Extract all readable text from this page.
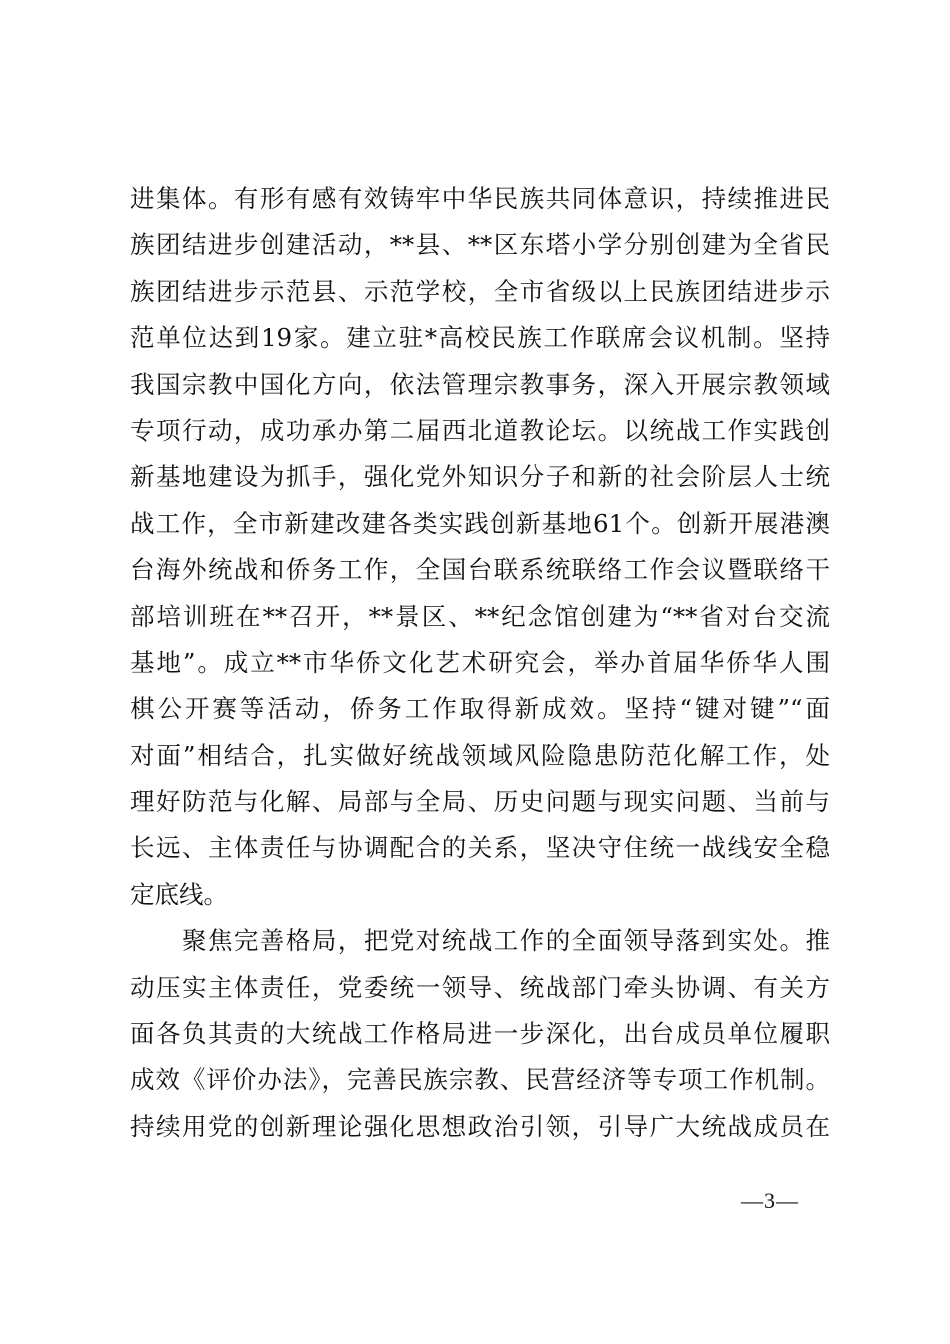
进集体。有形有感有效铸牢中华民族共同体意识，持续推进民
族团结进步创建活动，**县、**区东塔小学分别创建为全省民
族团结进步示范县、示范学校，全市省级以上民族团结进步示
范单位达到19家。建立驻*高校民族工作联席会议机制。坚持
我国宗教中国化方向，依法管理宗教事务，深入开展宗教领域
专项行动，成功承办第二届西北道教论坛。以统战工作实践创
新基地建设为抓手，强化党外知识分子和新的社会阶层人士统
战工作，全市新建改建各类实践创新基地61个。创新开展港澳
台海外统战和侨务工作，全国台联系统联络工作会议暨联络干
部培训班在**召开，**景区、**纪念馆创建为“**省对台交流
基地”。成立**市华侨文化艺术研究会，举办首届华侨华人围
棋公开赛等活动，侨务工作取得新成效。坚持“键对键”“面
对面”相结合，扎实做好统战领域风险隐患防范化解工作，处
理好防范与化解、局部与全局、历史问题与现实问题、当前与
长远、主体责任与协调配合的关系，坚决守住统一战线安全稳
定底线。
　　聚焦完善格局，把党对统战工作的全面领导落到实处。推
动压实主体责任，党委统一领导、统战部门牵头协调、有关方
面各负其责的大统战工作格局进一步深化，出台成员单位履职
成效《评价办法》，完善民族宗教、民营经济等专项工作机制。
持续用党的创新理论强化思想政治引领，引导广大统战成员在
—3—
